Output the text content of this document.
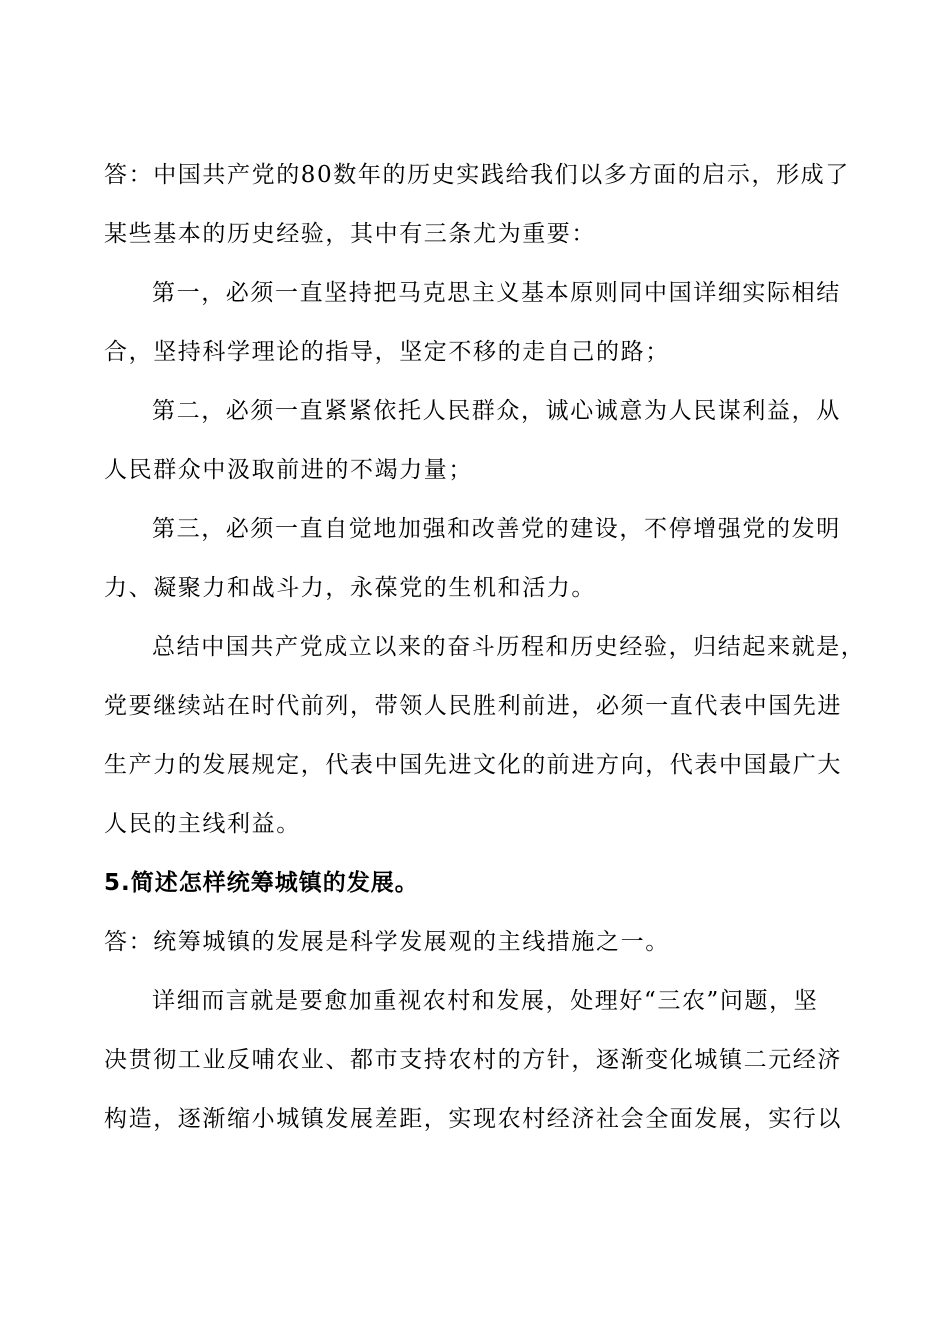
答：中国共产党的80数年的历史实践给我们以多方面的启示，形成了
某些基本的历史经验，其中有三条尤为重要：
第一，必须一直坚持把马克思主义基本原则同中国详细实际相结
合，坚持科学理论的指导，坚定不移的走自己的路；
第二，必须一直紧紧依托人民群众，诚心诚意为人民谋利益，从
人民群众中汲取前进的不竭力量；
第三，必须一直自觉地加强和改善党的建设，不停增强党的发明
力、凝聚力和战斗力，永葆党的生机和活力。
总结中国共产党成立以来的奋斗历程和历史经验，归结起来就是，
党要继续站在时代前列，带领人民胜利前进，必须一直代表中国先进
生产力的发展规定，代表中国先进文化的前进方向，代表中国最广大
人民的主线利益。
5.简述怎样统筹城镇的发展。
答：统筹城镇的发展是科学发展观的主线措施之一。
详细而言就是要愈加重视农村和发展，处理好“三农”问题，坚
决贯彻工业反哺农业、都市支持农村的方针，逐渐变化城镇二元经济
构造，逐渐缩小城镇发展差距，实现农村经济社会全面发展，实行以
